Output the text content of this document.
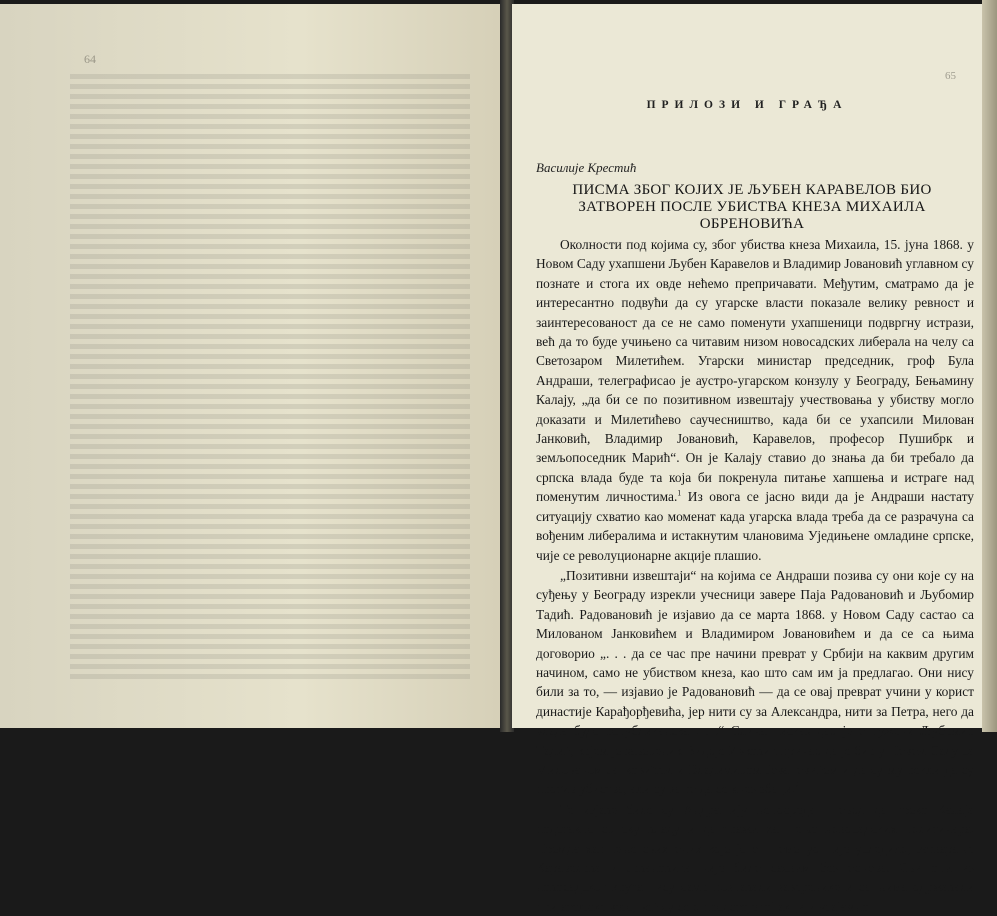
64
65
ПРИЛОЗИ И ГРАЂА
Василије Крестић
ПИСМА ЗБОГ КОЈИХ ЈЕ ЉУБЕН КАРАВЕЛОВ БИО ЗАТВОРЕН ПОСЛЕ УБИСТВА КНЕЗА МИХАИЛА ОБРЕНОВИЋА

Околности под којима су, због убиства кнеза Михаила, 15. јуна 1868. у Новом Саду ухапшени Љубен Каравелов и Владимир Јовановић углавном су познате и стога их овде нећемо препричавати. Међутим, сматрамо да је интересантно подвући да су угарске власти показале велику ревност и заинтересованост да се не само поменути ухапшеници подвргну истрази, већ да то буде учињено са читавим низом новосадских либерала на челу са Светозаром Милетићем. Угарски министар председник, гроф Була Андраши, телеграфисао је аустро-угарском конзулу у Београду, Бењамину Калају, „да би се по позитивном извештају учествовања у убиству могло доказати и Милетићево саучесништво, када би се ухапсили Милован Јанковић, Владимир Јовановић, Каравелов, професор Пушибрк и земљопоседник Марић“. Он је Калају ставио до знања да би требало да српска влада буде та која би покренула питање хапшења и истраге над поменутим личностима.$^1$ Из овога се јасно види да је Андраши настату ситуацију схватио као моменат када угарска влада треба да се разрачуна са вођеним либералима и истакнутим члановима Уједињене омладине српске, чије се револуционарне акције плашио.

„Позитивни извештаји“ на којима се Андраши позива су они које су на суђењу у Београду изрекли учесници завере Паја Радовановић и Љубомир Тадић. Радовановић је изјавио да се марта 1868. у Новом Саду састао са Милованом Јанковићем и Владимиром Јовановићем и да се са њима договорио „. . . да се час пре начини преврат у Србији на каквим другим начином, само не убиством кнеза, као што сам им ја предлагао. Они нису били за то, — изјавио је Радовановић — да се овај преврат учини у корист династије Карађорђевића, јер нити су за Александра, нити за Петра, него да влада буде републиканска . . .“ Сличан исказ дао је оптужени Љубомир Тадић, којем је завереник Видоје Ивковић причао да је био у Новом Саду са Милованом Јанковићем и Владимиром Јовановићем и да су му рекли да су против убиства, али су за то да се кнез збаци.$^2$

Те изјаве биле су Андрашију непосредан повод да преко Калаја подстакне српску владу и да тражи хапшење новосадских политичара. Премда хапшење свих оних које је он поменуо није уследило, затварање Каравелова и Јовановића није било сасвим без основа. Сви они из новосадског круга нису само познавали заверенике и са њима одржавали пријатељске везе, већ су се о предстојећој акцији узајамно
